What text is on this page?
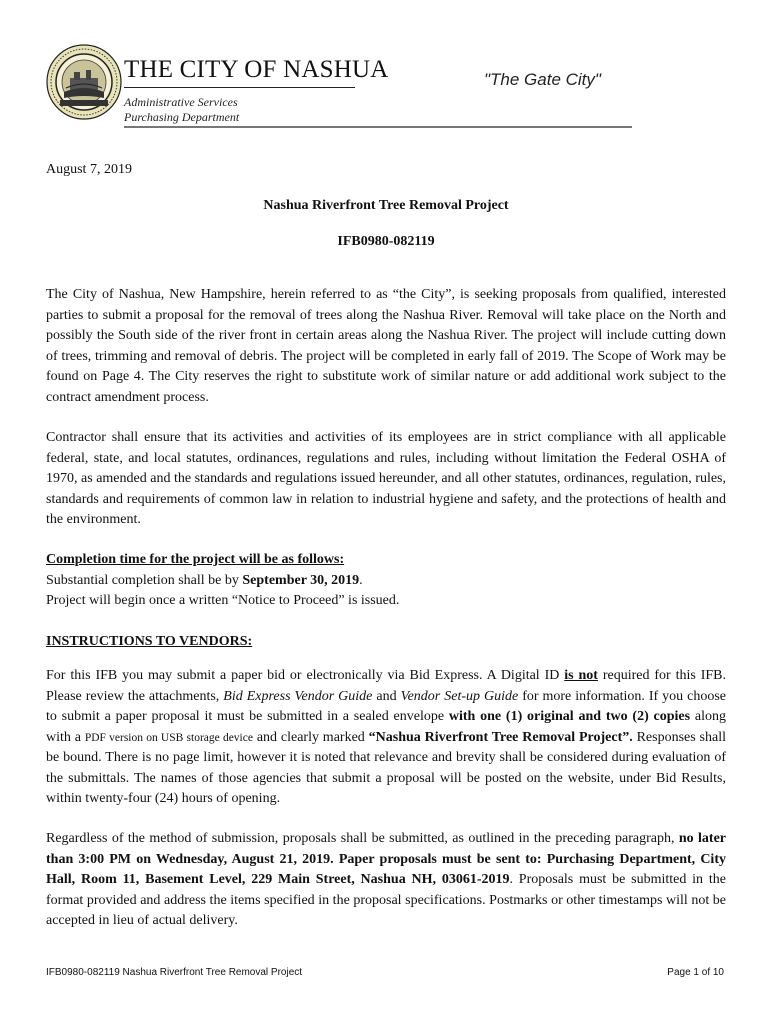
THE CITY OF NASHUA	"The Gate City"
Administrative Services
Purchasing Department
August 7, 2019
Nashua Riverfront Tree Removal Project
IFB0980-082119

The City of Nashua, New Hampshire, herein referred to as “the City”, is seeking proposals from qualified, interested parties to submit a proposal for the removal of trees along the Nashua River. Removal will take place on the North and possibly the South side of the river front in certain areas along the Nashua River. The project will include cutting down of trees, trimming and removal of debris. The project will be completed in early fall of 2019. The Scope of Work may be found on Page 4. The City reserves the right to substitute work of similar nature or add additional work subject to the contract amendment process.

Contractor shall ensure that its activities and activities of its employees are in strict compliance with all applicable federal, state, and local statutes, ordinances, regulations and rules, including without limitation the Federal OSHA of 1970, as amended and the standards and regulations issued hereunder, and all other statutes, ordinances, regulation, rules, standards and requirements of common law in relation to industrial hygiene and safety, and the protections of health and the environment.

Completion time for the project will be as follows:
Substantial completion shall be by September 30, 2019.
Project will begin once a written “Notice to Proceed” is issued.
INSTRUCTIONS TO VENDORS:

For this IFB you may submit a paper bid or electronically via Bid Express. A Digital ID is not required for this IFB. Please review the attachments, Bid Express Vendor Guide and Vendor Set-up Guide for more information. If you choose to submit a paper proposal it must be submitted in a sealed envelope with one (1) original and two (2) copies along with a PDF version on USB storage device and clearly marked “Nashua Riverfront Tree Removal Project”. Responses shall be bound. There is no page limit, however it is noted that relevance and brevity shall be considered during evaluation of the submittals. The names of those agencies that submit a proposal will be posted on the website, under Bid Results, within twenty-four (24) hours of opening.

Regardless of the method of submission, proposals shall be submitted, as outlined in the preceding paragraph, no later than 3:00 PM on Wednesday, August 21, 2019. Paper proposals must be sent to: Purchasing Department, City Hall, Room 11, Basement Level, 229 Main Street, Nashua NH, 03061-2019. Proposals must be submitted in the format provided and address the items specified in the proposal specifications. Postmarks or other timestamps will not be accepted in lieu of actual delivery.

IFB0980-082119 Nashua Riverfront Tree Removal Project	Page 1 of 10
